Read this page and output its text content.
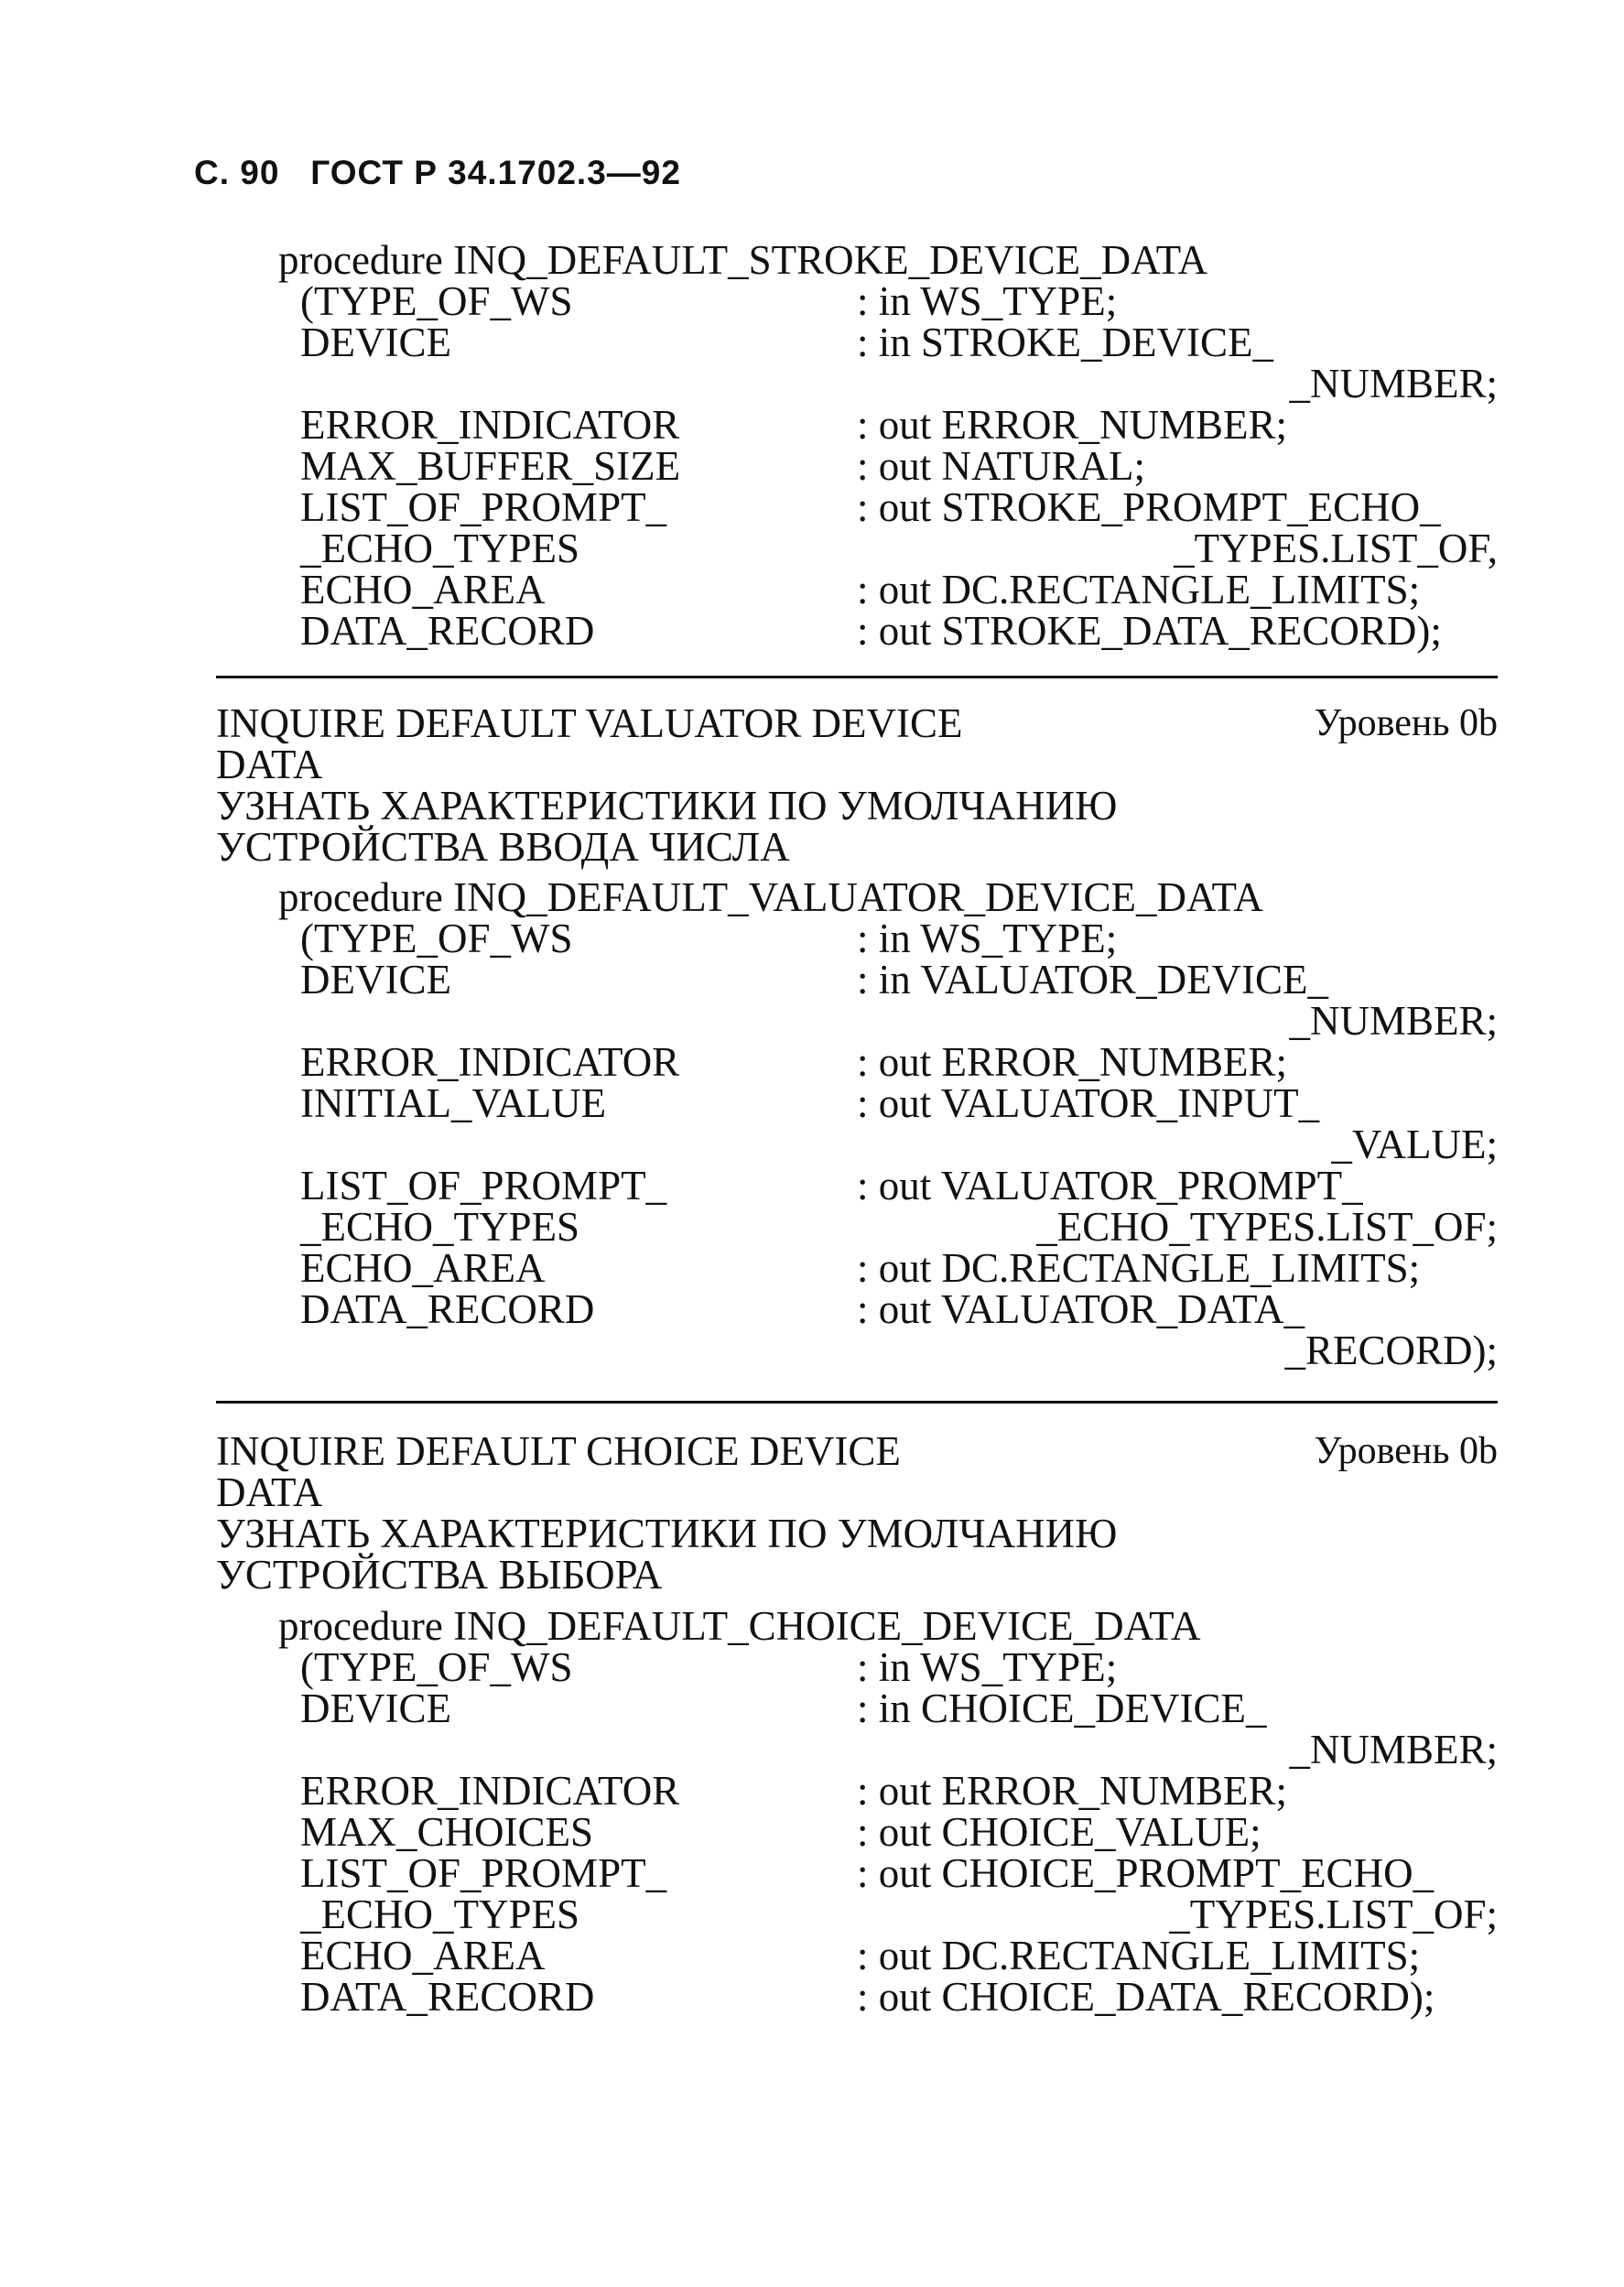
С. 90   ГОСТ Р 34.1702.3—92
procedure INQ_DEFAULT_STROKE_DEVICE_DATA
(TYPE_OF_WS	: in WS_TYPE;
DEVICE	: in STROKE_DEVICE_
_NUMBER;
ERROR_INDICATOR	: out ERROR_NUMBER;
MAX_BUFFER_SIZE	: out NATURAL;
LIST_OF_PROMPT_	: out STROKE_PROMPT_ECHO_
_ECHO_TYPES	_TYPES.LIST_OF,
ECHO_AREA	: out DC.RECTANGLE_LIMITS;
DATA_RECORD	: out STROKE_DATA_RECORD);
INQUIRE DEFAULT VALUATOR DEVICE	Уровень 0b
DATA
УЗНАТЬ ХАРАКТЕРИСТИКИ ПО УМОЛЧАНИЮ
УСТРОЙСТВА ВВОДА ЧИСЛА
procedure INQ_DEFAULT_VALUATOR_DEVICE_DATA
(TYPE_OF_WS	: in WS_TYPE;
DEVICE	: in VALUATOR_DEVICE_
_NUMBER;
ERROR_INDICATOR	: out ERROR_NUMBER;
INITIAL_VALUE	: out VALUATOR_INPUT_
_VALUE;
LIST_OF_PROMPT_	: out VALUATOR_PROMPT_
_ECHO_TYPES	_ECHO_TYPES.LIST_OF;
ECHO_AREA	: out DC.RECTANGLE_LIMITS;
DATA_RECORD	: out VALUATOR_DATA_
_RECORD);
INQUIRE DEFAULT CHOICE DEVICE	Уровень 0b
DATA
УЗНАТЬ ХАРАКТЕРИСТИКИ ПО УМОЛЧАНИЮ
УСТРОЙСТВА ВЫБОРА
procedure INQ_DEFAULT_CHOICE_DEVICE_DATA
(TYPE_OF_WS	: in WS_TYPE;
DEVICE	: in CHOICE_DEVICE_
_NUMBER;
ERROR_INDICATOR	: out ERROR_NUMBER;
MAX_CHOICES	: out CHOICE_VALUE;
LIST_OF_PROMPT_	: out CHOICE_PROMPT_ECHO_
_ECHO_TYPES	_TYPES.LIST_OF;
ECHO_AREA	: out DC.RECTANGLE_LIMITS;
DATA_RECORD	: out CHOICE_DATA_RECORD);
